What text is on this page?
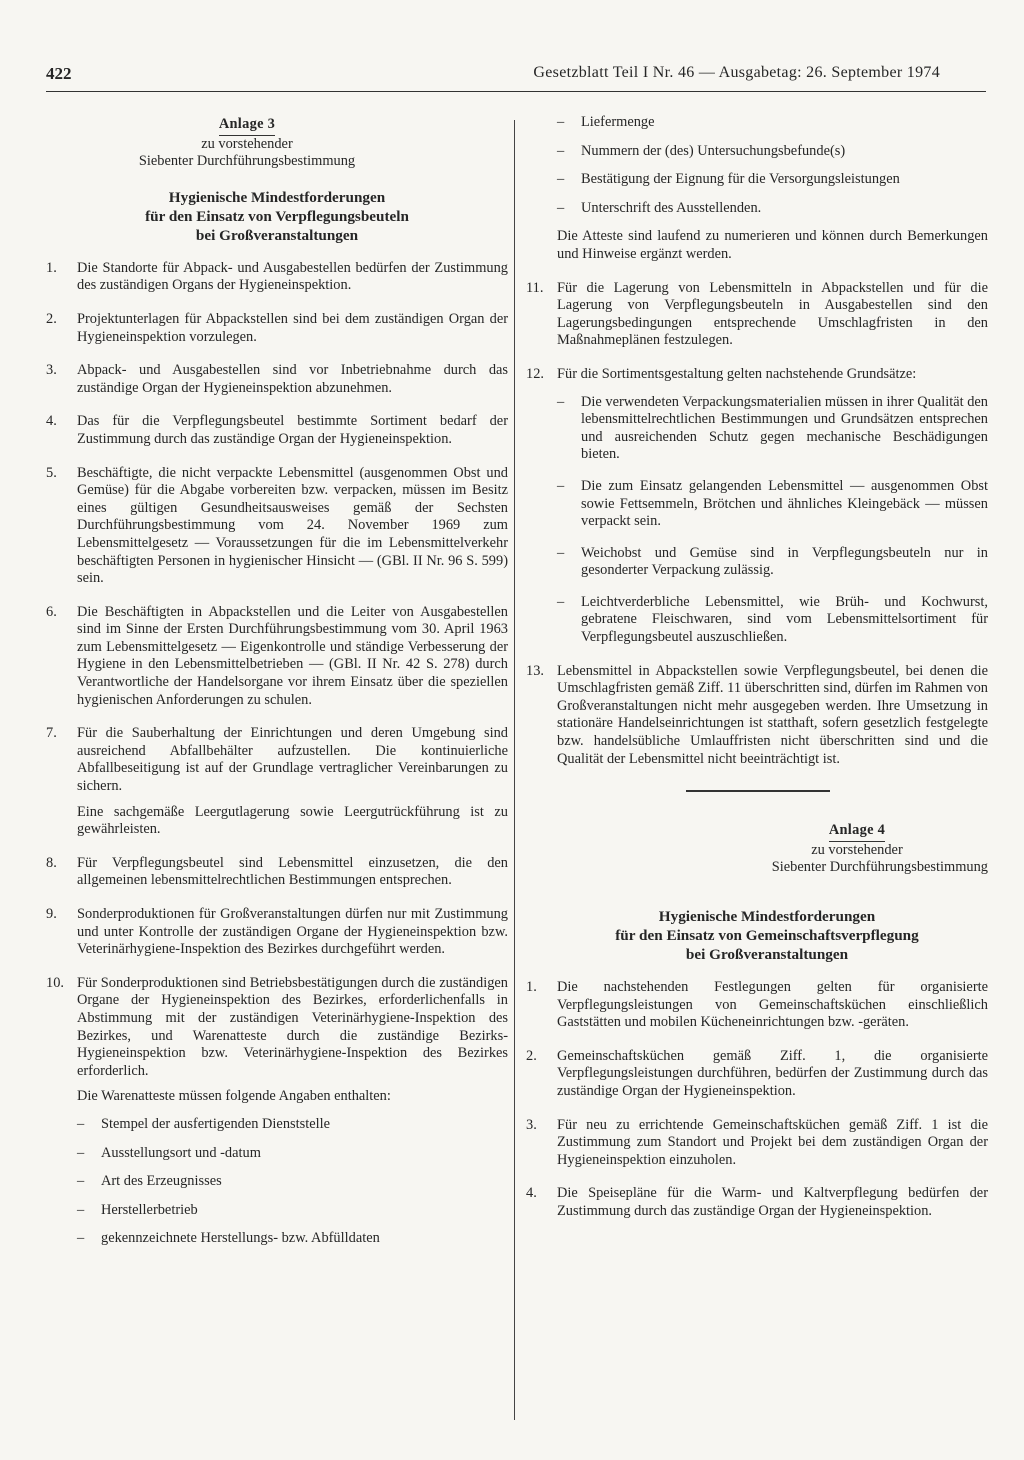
422	Gesetzblatt Teil I Nr. 46 — Ausgabetag: 26. September 1974
Anlage 3
zu vorstehender
Siebenter Durchführungsbestimmung
Hygienische Mindestforderungen
für den Einsatz von Verpflegungsbeuteln
bei Großveranstaltungen
1.	Die Standorte für Abpack- und Ausgabestellen bedürfen der Zustimmung des zuständigen Organs der Hygieneinspektion.
2.	Projektunterlagen für Abpackstellen sind bei dem zuständigen Organ der Hygieneinspektion vorzulegen.
3.	Abpack- und Ausgabestellen sind vor Inbetriebnahme durch das zuständige Organ der Hygieneinspektion abzunehmen.
4.	Das für die Verpflegungsbeutel bestimmte Sortiment bedarf der Zustimmung durch das zuständige Organ der Hygieneinspektion.
5.	Beschäftigte, die nicht verpackte Lebensmittel (ausgenommen Obst und Gemüse) für die Abgabe vorbereiten bzw. verpacken, müssen im Besitz eines gültigen Gesundheitsausweises gemäß der Sechsten Durchführungsbestimmung vom 24. November 1969 zum Lebensmittelgesetz — Voraussetzungen für die im Lebensmittelverkehr beschäftigten Personen in hygienischer Hinsicht — (GBl. II Nr. 96 S. 599) sein.
6.	Die Beschäftigten in Abpackstellen und die Leiter von Ausgabestellen sind im Sinne der Ersten Durchführungsbestimmung vom 30. April 1963 zum Lebensmittelgesetz — Eigenkontrolle und ständige Verbesserung der Hygiene in den Lebensmittelbetrieben — (GBl. II Nr. 42 S. 278) durch Verantwortliche der Handelsorgane vor ihrem Einsatz über die speziellen hygienischen Anforderungen zu schulen.
7.	Für die Sauberhaltung der Einrichtungen und deren Umgebung sind ausreichend Abfallbehälter aufzustellen. Die kontinuierliche Abfallbeseitigung ist auf der Grundlage vertraglicher Vereinbarungen zu sichern.
Eine sachgemäße Leergutlagerung sowie Leergutrückführung ist zu gewährleisten.
8.	Für Verpflegungsbeutel sind Lebensmittel einzusetzen, die den allgemeinen lebensmittelrechtlichen Bestimmungen entsprechen.
9.	Sonderproduktionen für Großveranstaltungen dürfen nur mit Zustimmung und unter Kontrolle der zuständigen Organe der Hygieneinspektion bzw. Veterinärhygiene-Inspektion des Bezirkes durchgeführt werden.
10. Für Sonderproduktionen sind Betriebsbestätigungen durch die zuständigen Organe der Hygieneinspektion des Bezirkes, erforderlichenfalls in Abstimmung mit der zuständigen Veterinärhygiene-Inspektion des Bezirkes, und Warenatteste durch die zuständige Bezirks-Hygieneinspektion bzw. Veterinärhygiene-Inspektion des Bezirkes erforderlich.
Die Warenatteste müssen folgende Angaben enthalten:
–	Stempel der ausfertigenden Dienststelle
–	Ausstellungsort und -datum
–	Art des Erzeugnisses
–	Herstellerbetrieb
–	gekennzeichnete Herstellungs- bzw. Abfülldaten
–	Liefermenge
–	Nummern der (des) Untersuchungsbefunde(s)
–	Bestätigung der Eignung für die Versorgungsleistungen
–	Unterschrift des Ausstellenden.
Die Atteste sind laufend zu numerieren und können durch Bemerkungen und Hinweise ergänzt werden.
11. Für die Lagerung von Lebensmitteln in Abpackstellen und für die Lagerung von Verpflegungsbeuteln in Ausgabestellen sind den Lagerungsbedingungen entsprechende Umschlagfristen in den Maßnahmeplänen festzulegen.
12. Für die Sortimentsgestaltung gelten nachstehende Grundsätze:
–	Die verwendeten Verpackungsmaterialien müssen in ihrer Qualität den lebensmittelrechtlichen Bestimmungen und Grundsätzen entsprechen und ausreichenden Schutz gegen mechanische Beschädigungen bieten.
–	Die zum Einsatz gelangenden Lebensmittel — ausgenommen Obst sowie Fettsemmeln, Brötchen und ähnliches Kleingebäck — müssen verpackt sein.
–	Weichobst und Gemüse sind in Verpflegungsbeuteln nur in gesonderter Verpackung zulässig.
–	Leichtverderbliche Lebensmittel, wie Brüh- und Kochwurst, gebratene Fleischwaren, sind vom Lebensmittelsortiment für Verpflegungsbeutel auszuschließen.
13. Lebensmittel in Abpackstellen sowie Verpflegungsbeutel, bei denen die Umschlagfristen gemäß Ziff. 11 überschritten sind, dürfen im Rahmen von Großveranstaltungen nicht mehr ausgegeben werden. Ihre Umsetzung in stationäre Handelseinrichtungen ist statthaft, sofern gesetzlich festgelegte bzw. handelsübliche Umlauffristen nicht überschritten sind und die Qualität der Lebensmittel nicht beeinträchtigt ist.
Anlage 4
zu vorstehender
Siebenter Durchführungsbestimmung
Hygienische Mindestforderungen
für den Einsatz von Gemeinschaftsverpflegung
bei Großveranstaltungen
1.	Die nachstehenden Festlegungen gelten für organisierte Verpflegungsleistungen von Gemeinschaftsküchen einschließlich Gaststätten und mobilen Kücheneinrichtungen bzw. -geräten.
2.	Gemeinschaftsküchen gemäß Ziff. 1, die organisierte Verpflegungsleistungen durchführen, bedürfen der Zustimmung durch das zuständige Organ der Hygieneinspektion.
3.	Für neu zu errichtende Gemeinschaftsküchen gemäß Ziff. 1 ist die Zustimmung zum Standort und Projekt bei dem zuständigen Organ der Hygieneinspektion einzuholen.
4.	Die Speisepläne für die Warm- und Kaltverpflegung bedürfen der Zustimmung durch das zuständige Organ der Hygieneinspektion.
